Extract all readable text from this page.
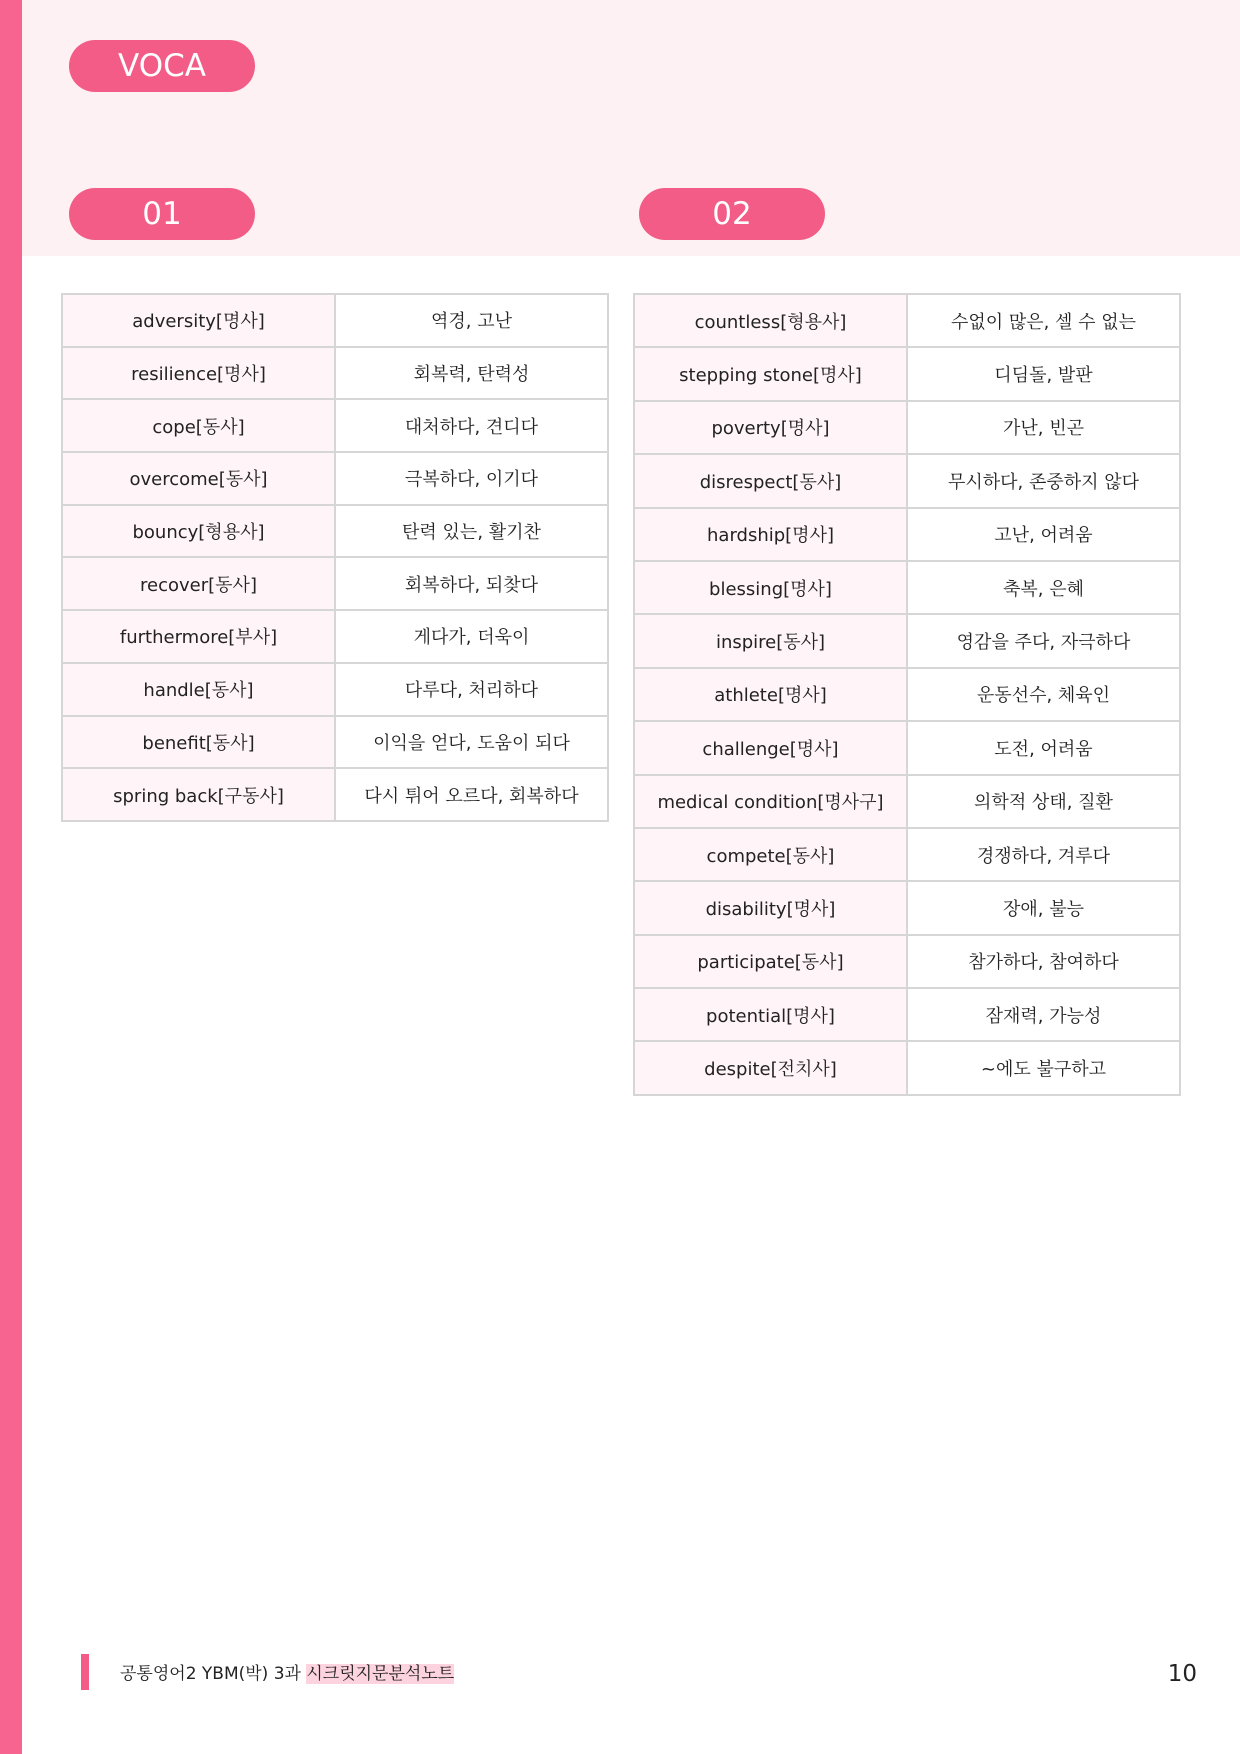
VOCA
01	02
adversity[명사]	역경, 고난
resilience[명사]	회복력, 탄력성
cope[동사]	대처하다, 견디다
overcome[동사]	극복하다, 이기다
bouncy[형용사]	탄력 있는, 활기찬
recover[동사]	회복하다, 되찾다
furthermore[부사]	게다가, 더욱이
handle[동사]	다루다, 처리하다
benefit[동사]	이익을 얻다, 도움이 되다
spring back[구동사]	다시 튀어 오르다, 회복하다
countless[형용사]	수없이 많은, 셀 수 없는
stepping stone[명사]	디딤돌, 발판
poverty[명사]	가난, 빈곤
disrespect[동사]	무시하다, 존중하지 않다
hardship[명사]	고난, 어려움
blessing[명사]	축복, 은혜
inspire[동사]	영감을 주다, 자극하다
athlete[명사]	운동선수, 체육인
challenge[명사]	도전, 어려움
medical condition[명사구]	의학적 상태, 질환
compete[동사]	경쟁하다, 겨루다
disability[명사]	장애, 불능
participate[동사]	참가하다, 참여하다
potential[명사]	잠재력, 가능성
despite[전치사]	~에도 불구하고
공통영어2 YBM(박) 3과 시크릿지문분석노트	10
